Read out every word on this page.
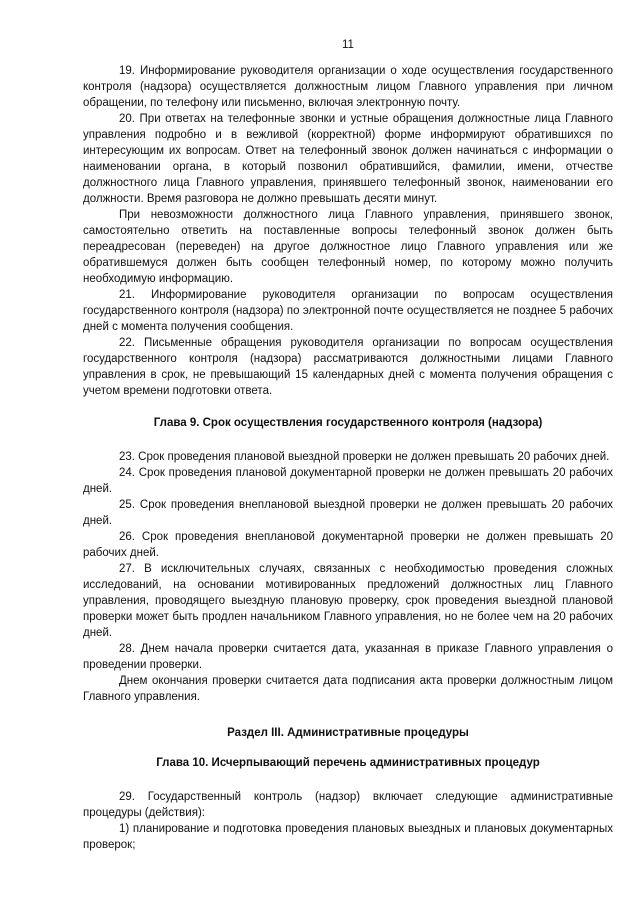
11

19. Информирование руководителя организации о ходе осуществления государственного контроля (надзора) осуществляется должностным лицом Главного управления при личном обращении, по телефону или письменно, включая электронную почту.

20. При ответах на телефонные звонки и устные обращения должностные лица Главного управления подробно и в вежливой (корректной) форме информируют обратившихся по интересующим их вопросам. Ответ на телефонный звонок должен начинаться с информации о наименовании органа, в который позвонил обратившийся, фамилии, имени, отчестве должностного лица Главного управления, принявшего телефонный звонок, наименовании его должности. Время разговора не должно превышать десяти минут.

При невозможности должностного лица Главного управления, принявшего звонок, самостоятельно ответить на поставленные вопросы телефонный звонок должен быть переадресован (переведен) на другое должностное лицо Главного управления или же обратившемуся должен быть сообщен телефонный номер, по которому можно получить необходимую информацию.

21. Информирование руководителя организации по вопросам осуществления государственного контроля (надзора) по электронной почте осуществляется не позднее 5 рабочих дней с момента получения сообщения.

22. Письменные обращения руководителя организации по вопросам осуществления государственного контроля (надзора) рассматриваются должностными лицами Главного управления в срок, не превышающий 15 календарных дней с момента получения обращения с учетом времени подготовки ответа.

Глава 9. Срок осуществления государственного контроля (надзора)

23. Срок проведения плановой выездной проверки не должен превышать 20 рабочих дней.

24. Срок проведения плановой документарной проверки не должен превышать 20 рабочих дней.

25. Срок проведения внеплановой выездной проверки не должен превышать 20 рабочих дней.

26. Срок проведения внеплановой документарной проверки не должен превышать 20 рабочих дней.

27. В исключительных случаях, связанных с необходимостью проведения сложных исследований, на основании мотивированных предложений должностных лиц Главного управления, проводящего выездную плановую проверку, срок проведения выездной плановой проверки может быть продлен начальником Главного управления, но не более чем на 20 рабочих дней.

28. Днем начала проверки считается дата, указанная в приказе Главного управления о проведении проверки.

Днем окончания проверки считается дата подписания акта проверки должностным лицом Главного управления.

Раздел III. Административные процедуры
Глава 10. Исчерпывающий перечень административных процедур

29. Государственный контроль (надзор) включает следующие административные процедуры (действия):

1) планирование и подготовка проведения плановых выездных и плановых документарных проверок;
